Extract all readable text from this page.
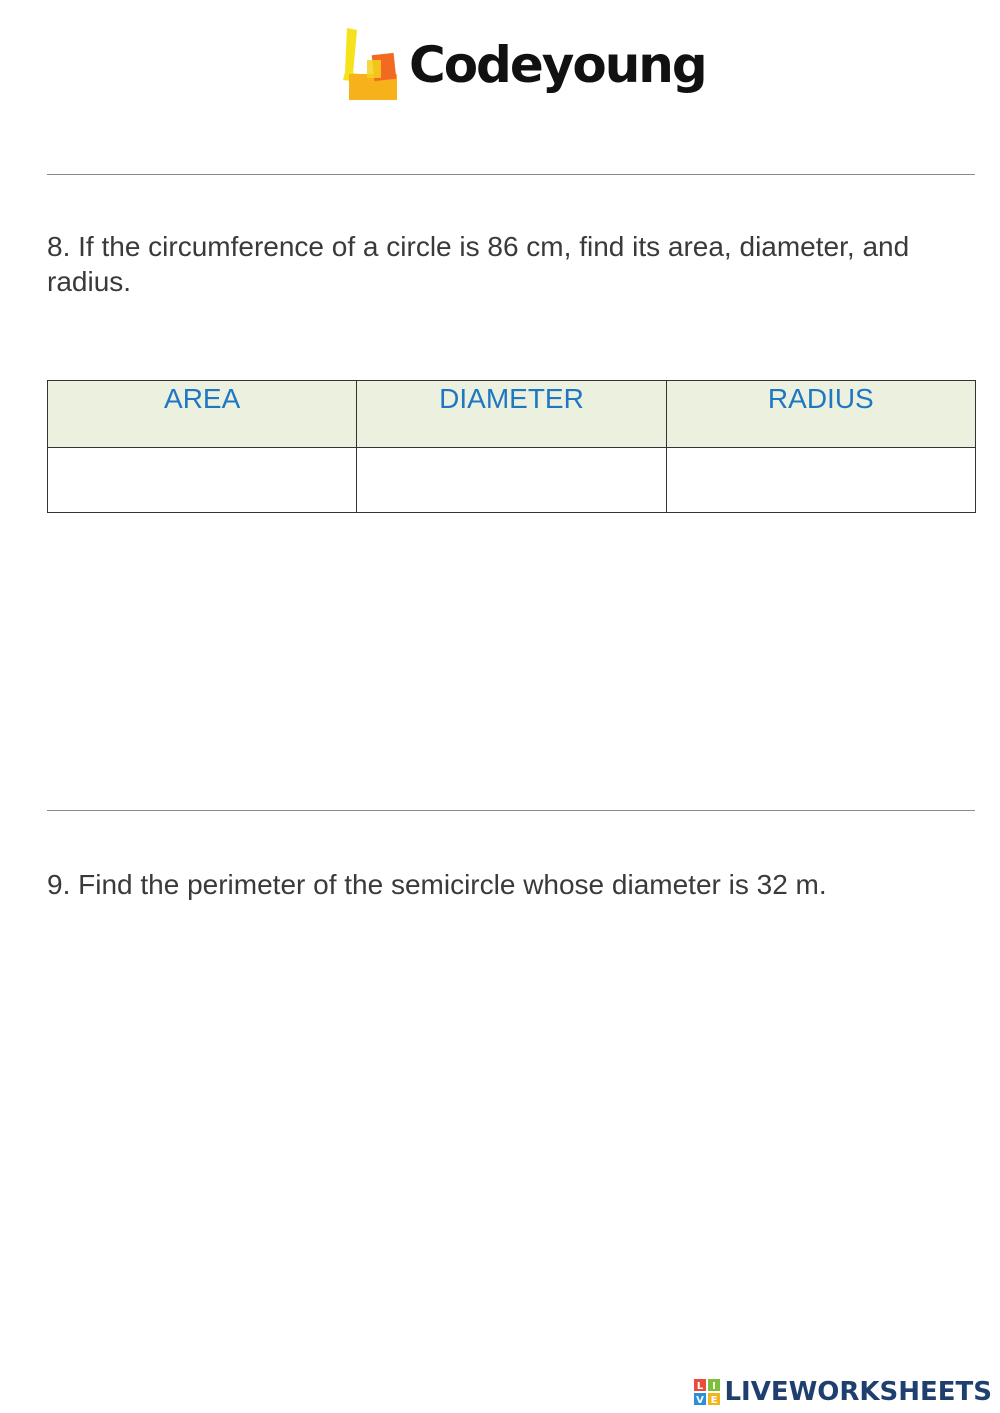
Codeyoung
8. If the circumference of a circle is 86 cm, find its area, diameter, and radius.
AREA	DIAMETER	RADIUS

9. Find the perimeter of the semicircle whose diameter is 32 m.
L I
V E LIVEWORKSHEETS
